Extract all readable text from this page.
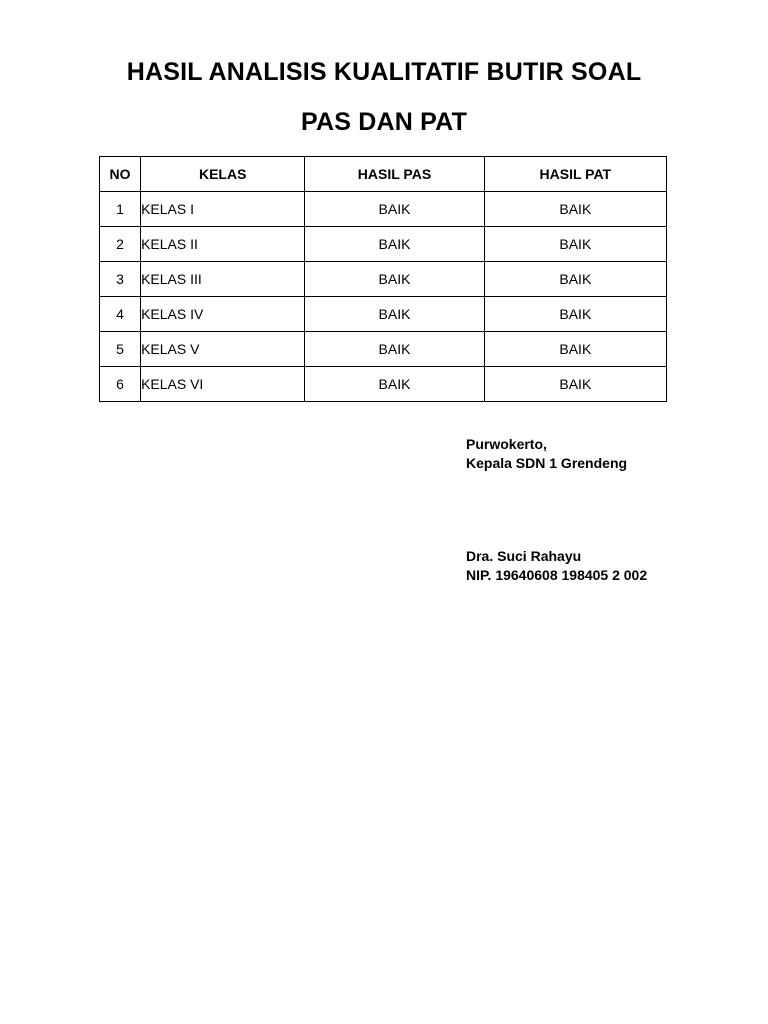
HASIL ANALISIS KUALITATIF BUTIR SOAL
PAS DAN PAT
NO	KELAS	HASIL PAS	HASIL PAT
1	KELAS I	BAIK	BAIK
2	KELAS II	BAIK	BAIK
3	KELAS III	BAIK	BAIK
4	KELAS IV	BAIK	BAIK
5	KELAS V	BAIK	BAIK
6	KELAS VI	BAIK	BAIK
Purwokerto,
Kepala SDN 1 Grendeng
Dra. Suci Rahayu
NIP. 19640608 198405 2 002
